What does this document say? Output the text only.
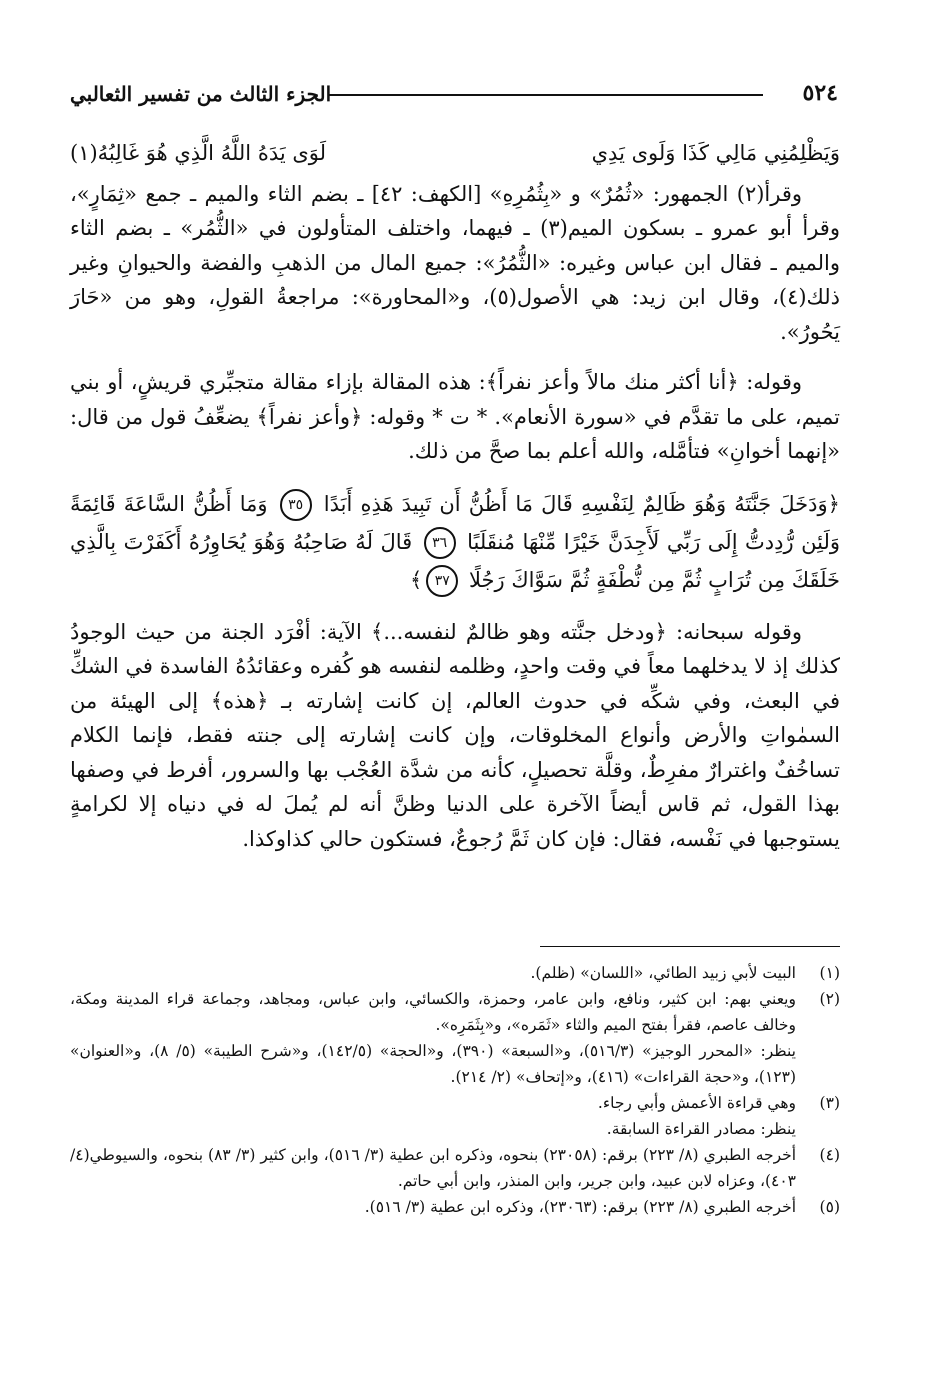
٥٢٤
الجزء الثالث من تفسير الثعالبي
وَيَظْلِمُنِي مَالِي كَذَا وَلَوى يَدِي
لَوَى يَدَهُ اللَّهُ الَّذِي هُوَ غَالِبُهُ(١)

وقرأ(٢) الجمهور: «ثُمُرٌ» و «بِثُمُرِهِ» [الكهف: ٤٢] ـ بضم الثاء والميم ـ جمع «ثِمَارٍ»، وقرأ أبو عمرو ـ بسكون الميم(٣) ـ فيهما، واختلف المتأولون في «الثُّمُر» ـ بضم الثاء والميم ـ فقال ابن عباس وغيره: «الثُّمُرُ»: جميع المال من الذهبِ والفضة والحيوانِ وغير ذلك(٤)، وقال ابن زيد: هي الأصول(٥)، و«المحاورة»: مراجعةُ القولِ، وهو من «حَارَ يَحُورُ».

وقوله: ﴿أنا أكثر منك مالاً وأعز نفراً﴾: هذه المقالة بإزاء مقالة متجبِّري قريشٍ، أو بني تميم، على ما تقدَّم في «سورة الأنعام». * ت * وقوله: ﴿وأعز نفراً﴾ يضعِّفُ قول من قال: «إنهما أخوانِ» فتأمَّله، والله أعلم بما صحَّ من ذلك.

﴿وَدَخَلَ جَنَّتَهُ وَهُوَ ظَالِمٌ لِنَفْسِهِ قَالَ مَا أَظُنُّ أَن تَبِيدَ هَذِهِ أَبَدًا ٣٥ وَمَا أَظُنُّ السَّاعَةَ قَائِمَةً وَلَئِن رُّدِدتُّ إِلَى رَبِّي لَأَجِدَنَّ خَيْرًا مِّنْهَا مُنقَلَبًا ٣٦ قَالَ لَهُ صَاحِبُهُ وَهُوَ يُحَاوِرُهُ أَكَفَرْتَ بِالَّذِي خَلَقَكَ مِن تُرَابٍ ثُمَّ مِن نُّطْفَةٍ ثُمَّ سَوَّاكَ رَجُلًا ٣٧﴾

وقوله سبحانه: ﴿ودخل جنَّته وهو ظالمٌ لنفسه...﴾ الآية: أفْرَد الجنة من حيث الوجودُ كذلك إذ لا يدخلهما معاً في وقت واحدٍ، وظلمه لنفسه هو كُفره وعقائدُهُ الفاسدة في الشكِّ في البعث، وفي شكِّه في حدوث العالم، إن كانت إشارته بـ ﴿هذه﴾ إلى الهيئة من السمٰواتِ والأرض وأنواع المخلوقات، وإن كانت إشارته إلى جنته فقط، فإنما الكلام تساخُفٌ واغترارٌ مفرِطٌ، وقلَّة تحصيلٍ، كأنه من شدَّة العُجْب بها والسرور، أفرط في وصفها بهذا القول، ثم قاس أيضاً الآخرة على الدنيا وظنَّ أنه لم يُملَ له في دنياه إلا لكرامةٍ يستوجبها في نَفْسه، فقال: فإن كان ثَمَّ رُجوعٌ، فستكون حالي كذاوكذا.

(١)
البيت لأبي زبيد الطائي، «اللسان» (ظلم).
(٢)
ويعني بهم: ابن كثير، ونافع، وابن عامر، وحمزة، والكسائي، وابن عباس، ومجاهد، وجماعة قراء المدينة ومكة، وخالف عاصم، فقرأ بفتح الميم والثاء «ثَمَره»، و«بِثَمَرِه».
ينظر: «المحرر الوجيز» (٥١٦/٣)، و«السبعة» (٣٩٠)، و«الحجة» (١٤٢/٥)، و«شرح الطيبة» (٥/ ٨)، و«العنوان» (١٢٣)، و«حجة القراءات» (٤١٦)، و«إتحاف» (٢/ ٢١٤).
(٣)
وهي قراءة الأعمش وأبي رجاء.
ينظر: مصادر القراءة السابقة.
(٤)
أخرجه الطبري (٨/ ٢٢٣) برقم: (٢٣٠٥٨) بنحوه، وذكره ابن عطية (٣/ ٥١٦)، وابن كثير (٣/ ٨٣) بنحوه، والسيوطي(٤/ ٤٠٣)، وعزاه لابن عبيد، وابن جرير، وابن المنذر، وابن أبي حاتم.
(٥)
أخرجه الطبري (٨/ ٢٢٣) برقم: (٢٣٠٦٣)، وذكره ابن عطية (٣/ ٥١٦).
